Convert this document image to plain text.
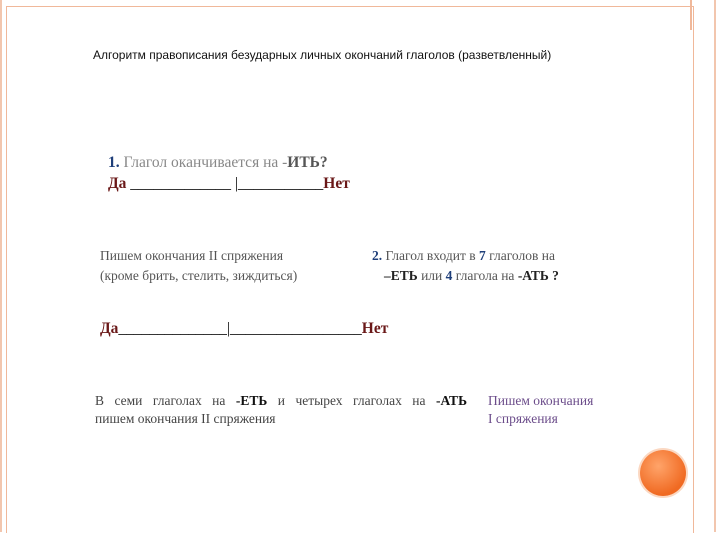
Алгоритм правописания безударных личных окончаний глаголов (разветвленный)
1. Глагол оканчивается на -ИТЬ?
Да _____________ |___________Нет
Пишем окончания II спряжения
(кроме брить, стелить, зиждиться)
2. Глагол входит в 7 глаголов на
–ЕТЬ или 4 глагола на -АТЬ ?
Да______________|_________________Нет
В семи глаголах на -ЕТЬ и четырех глаголах на -АТЬ
пишем окончания II спряжения
Пишем окончания
I спряжения
